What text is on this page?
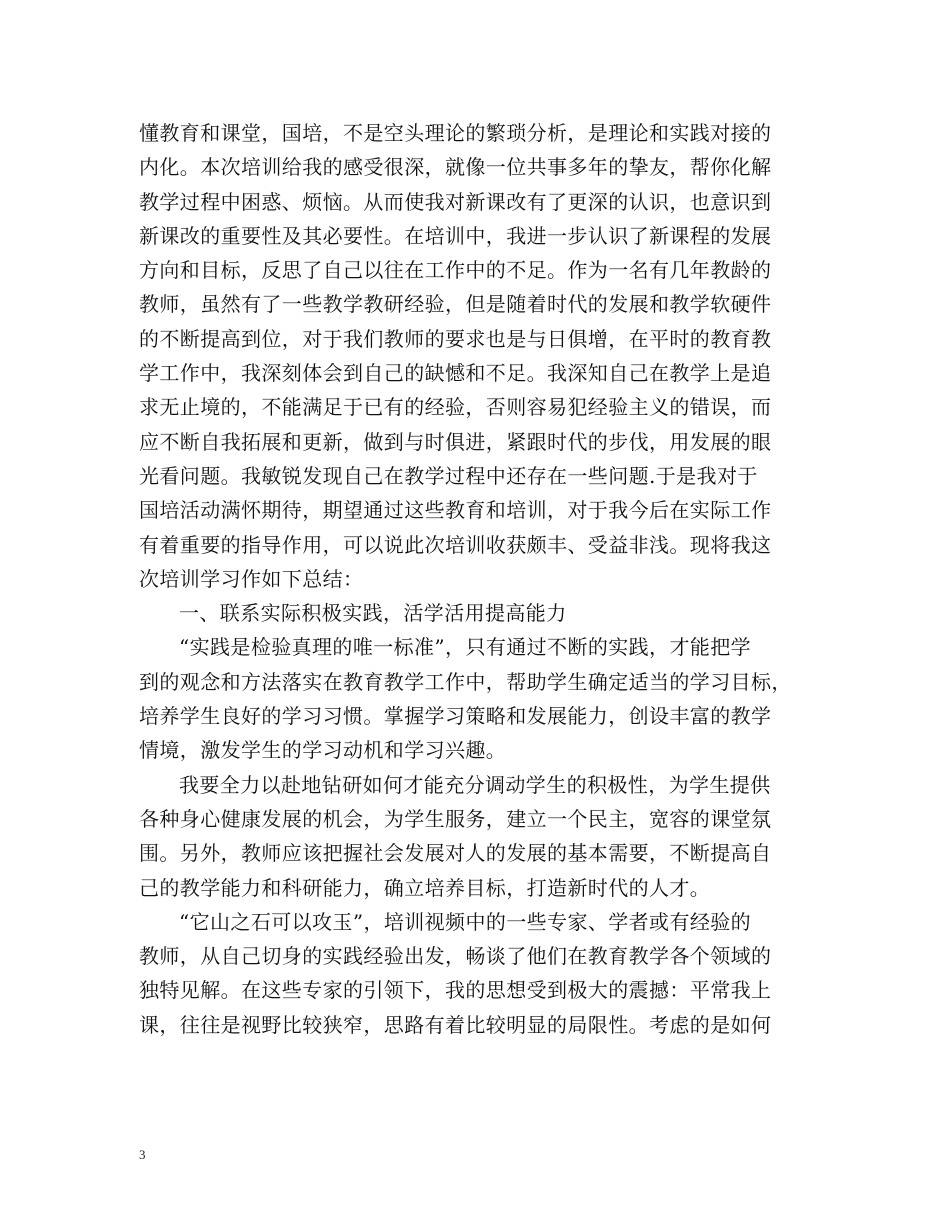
懂教育和课堂，国培，不是空头理论的繁琐分析，是理论和实践对接的
内化。本次培训给我的感受很深，就像一位共事多年的挚友，帮你化解
教学过程中困惑、烦恼。从而使我对新课改有了更深的认识，也意识到
新课改的重要性及其必要性。在培训中，我进一步认识了新课程的发展
方向和目标，反思了自己以往在工作中的不足。作为一名有几年教龄的
教师，虽然有了一些教学教研经验，但是随着时代的发展和教学软硬件
的不断提高到位，对于我们教师的要求也是与日俱增，在平时的教育教
学工作中，我深刻体会到自己的缺憾和不足。我深知自己在教学上是追
求无止境的，不能满足于已有的经验，否则容易犯经验主义的错误，而
应不断自我拓展和更新，做到与时俱进，紧跟时代的步伐，用发展的眼
光看问题。我敏锐发现自己在教学过程中还存在一些问题.于是我对于
国培活动满怀期待，期望通过这些教育和培训，对于我今后在实际工作
有着重要的指导作用，可以说此次培训收获颇丰、受益非浅。现将我这
次培训学习作如下总结：
一、联系实际积极实践，活学活用提高能力
“实践是检验真理的唯一标准”，只有通过不断的实践，才能把学
到的观念和方法落实在教育教学工作中，帮助学生确定适当的学习目标，
培养学生良好的学习习惯。掌握学习策略和发展能力，创设丰富的教学
情境，激发学生的学习动机和学习兴趣。
我要全力以赴地钻研如何才能充分调动学生的积极性，为学生提供
各种身心健康发展的机会，为学生服务，建立一个民主，宽容的课堂氛
围。另外，教师应该把握社会发展对人的发展的基本需要，不断提高自
己的教学能力和科研能力，确立培养目标，打造新时代的人才。
“它山之石可以攻玉”，培训视频中的一些专家、学者或有经验的
教师，从自己切身的实践经验出发，畅谈了他们在教育教学各个领域的
独特见解。在这些专家的引领下，我的思想受到极大的震撼：平常我上
课，往往是视野比较狭窄，思路有着比较明显的局限性。考虑的是如何
3
